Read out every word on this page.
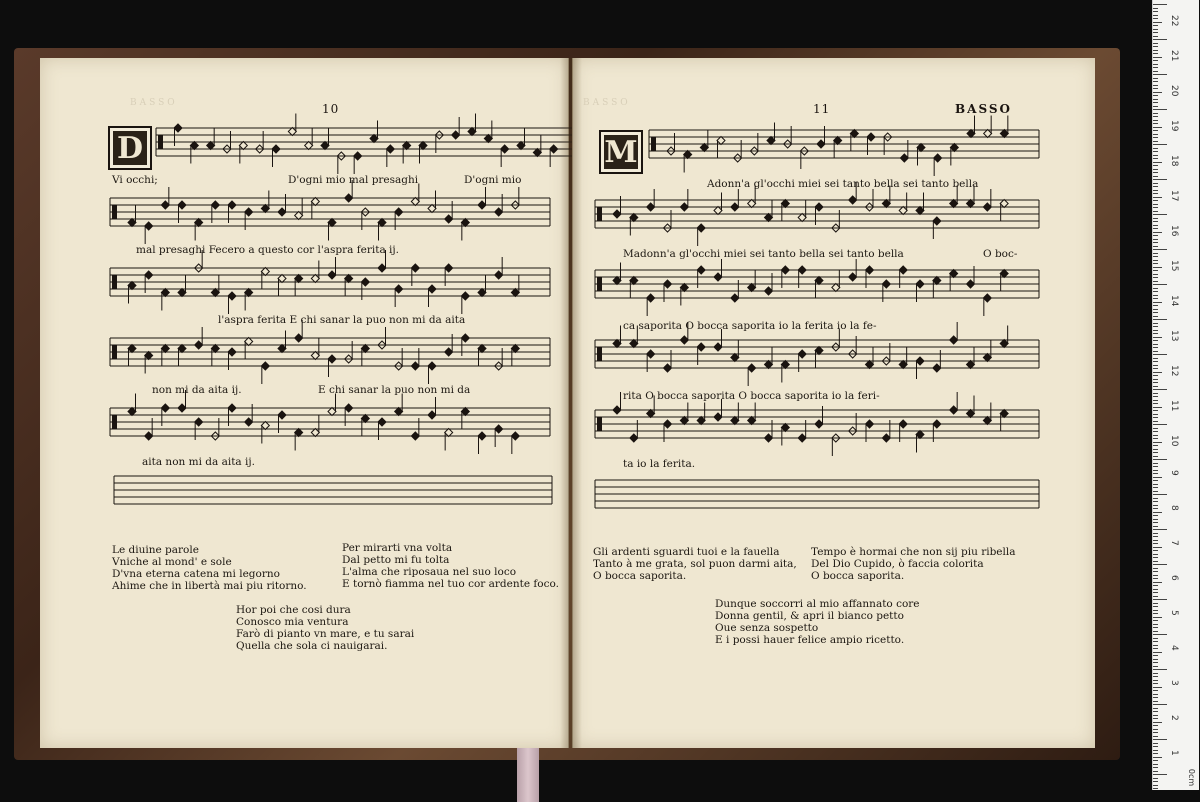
BASSO	10
D
Vi occhi;	D'ogni mio mal presaghi	D'ogni mio
mal presaghi Fecero a questo cor l'aspra ferita ij.
l'aspra ferita E chi sanar la puo non mi da aita
non mi da aita ij.	E chi sanar la puo non mi da
aita non mi da aita ij.
Le diuine parole
Vniche al mond' e sole
D'vna eterna catena mi legorno
Ahime che in libertà mai piu ritorno.
Per mirarti vna volta
Dal petto mi fu tolta
L'alma che riposaua nel suo loco
E tornò fiamma nel tuo cor ardente foco.
Hor poi che cosi dura
Conosco mia ventura
Farò di pianto vn mare, e tu sarai
Quella che sola ci nauigarai.
BASSO	11	BASSO
M
Adonn'a gl'occhi miei sei tanto bella sei tanto bella
Madonn'a gl'occhi miei sei tanto bella sei tanto bella	O boc-
ca saporita O bocca saporita io la ferita io la fe-
rita O bocca saporita O bocca saporita io la feri-
ta io la ferita.
Gli ardenti sguardi tuoi e la fauella
Tanto à me grata, sol puon darmi aita,
O bocca saporita.
Tempo è hormai che non sij piu ribella
Del Dio Cupido, ò faccia colorita
O bocca saporita.
Dunque soccorri al mio affannato core
Donna gentil, & apri il bianco petto
Oue senza sospetto
E i possi hauer felice ampio ricetto.
0cm
1
2
3
4
5
6
7
8
9
10
11
12
13
14
15
16
17
18
19
20
21
22
